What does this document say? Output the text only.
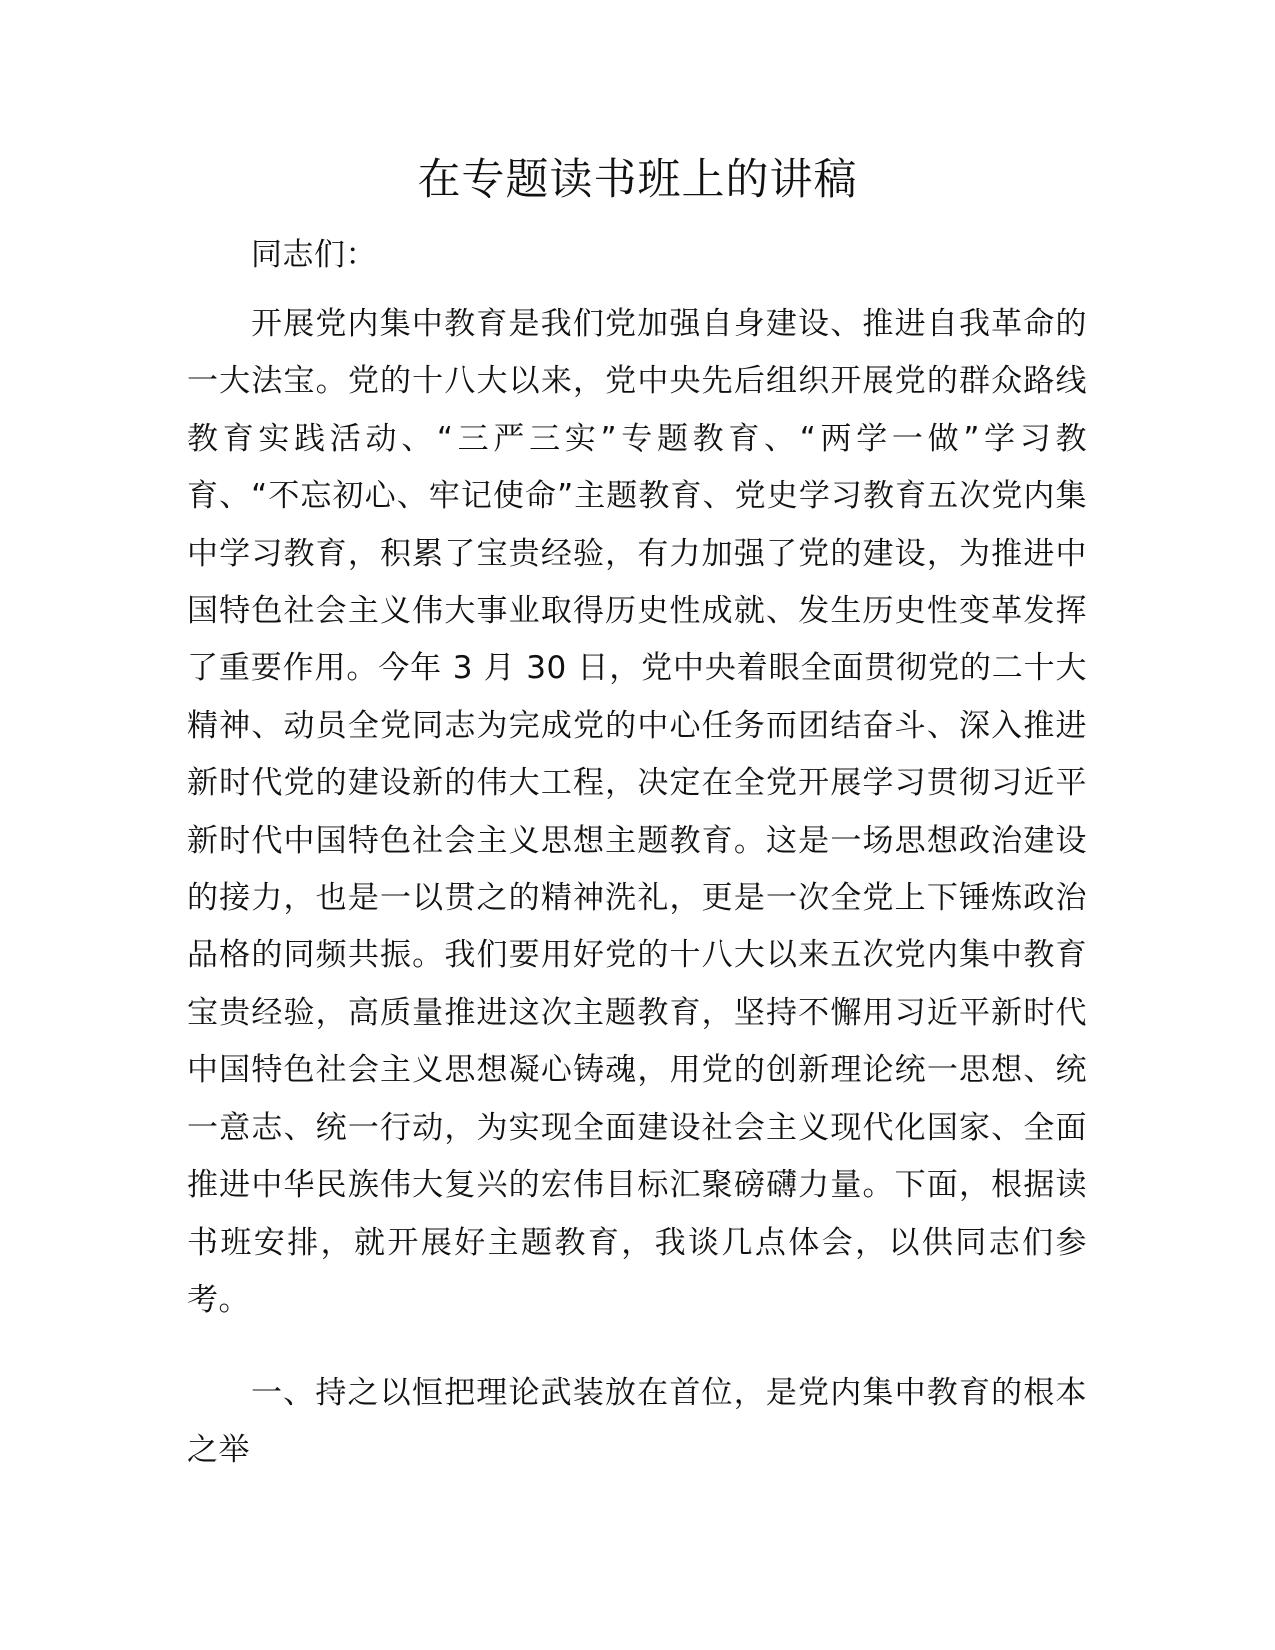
在专题读书班上的讲稿

同志们：

开展党内集中教育是我们党加强自身建设、推进自我革命的一大法宝。党的十八大以来，党中央先后组织开展党的群众路线教育实践活动、“三严三实”专题教育、“两学一做”学习教育、“不忘初心、牢记使命”主题教育、党史学习教育五次党内集中学习教育，积累了宝贵经验，有力加强了党的建设，为推进中国特色社会主义伟大事业取得历史性成就、发生历史性变革发挥了重要作用。今年 3 月 30 日，党中央着眼全面贯彻党的二十大精神、动员全党同志为完成党的中心任务而团结奋斗、深入推进新时代党的建设新的伟大工程，决定在全党开展学习贯彻习近平新时代中国特色社会主义思想主题教育。这是一场思想政治建设的接力，也是一以贯之的精神洗礼，更是一次全党上下锤炼政治品格的同频共振。我们要用好党的十八大以来五次党内集中教育宝贵经验，高质量推进这次主题教育，坚持不懈用习近平新时代中国特色社会主义思想凝心铸魂，用党的创新理论统一思想、统一意志、统一行动，为实现全面建设社会主义现代化国家、全面推进中华民族伟大复兴的宏伟目标汇聚磅礴力量。下面，根据读书班安排，就开展好主题教育，我谈几点体会，以供同志们参考。

一、持之以恒把理论武装放在首位，是党内集中教育的根本之举
